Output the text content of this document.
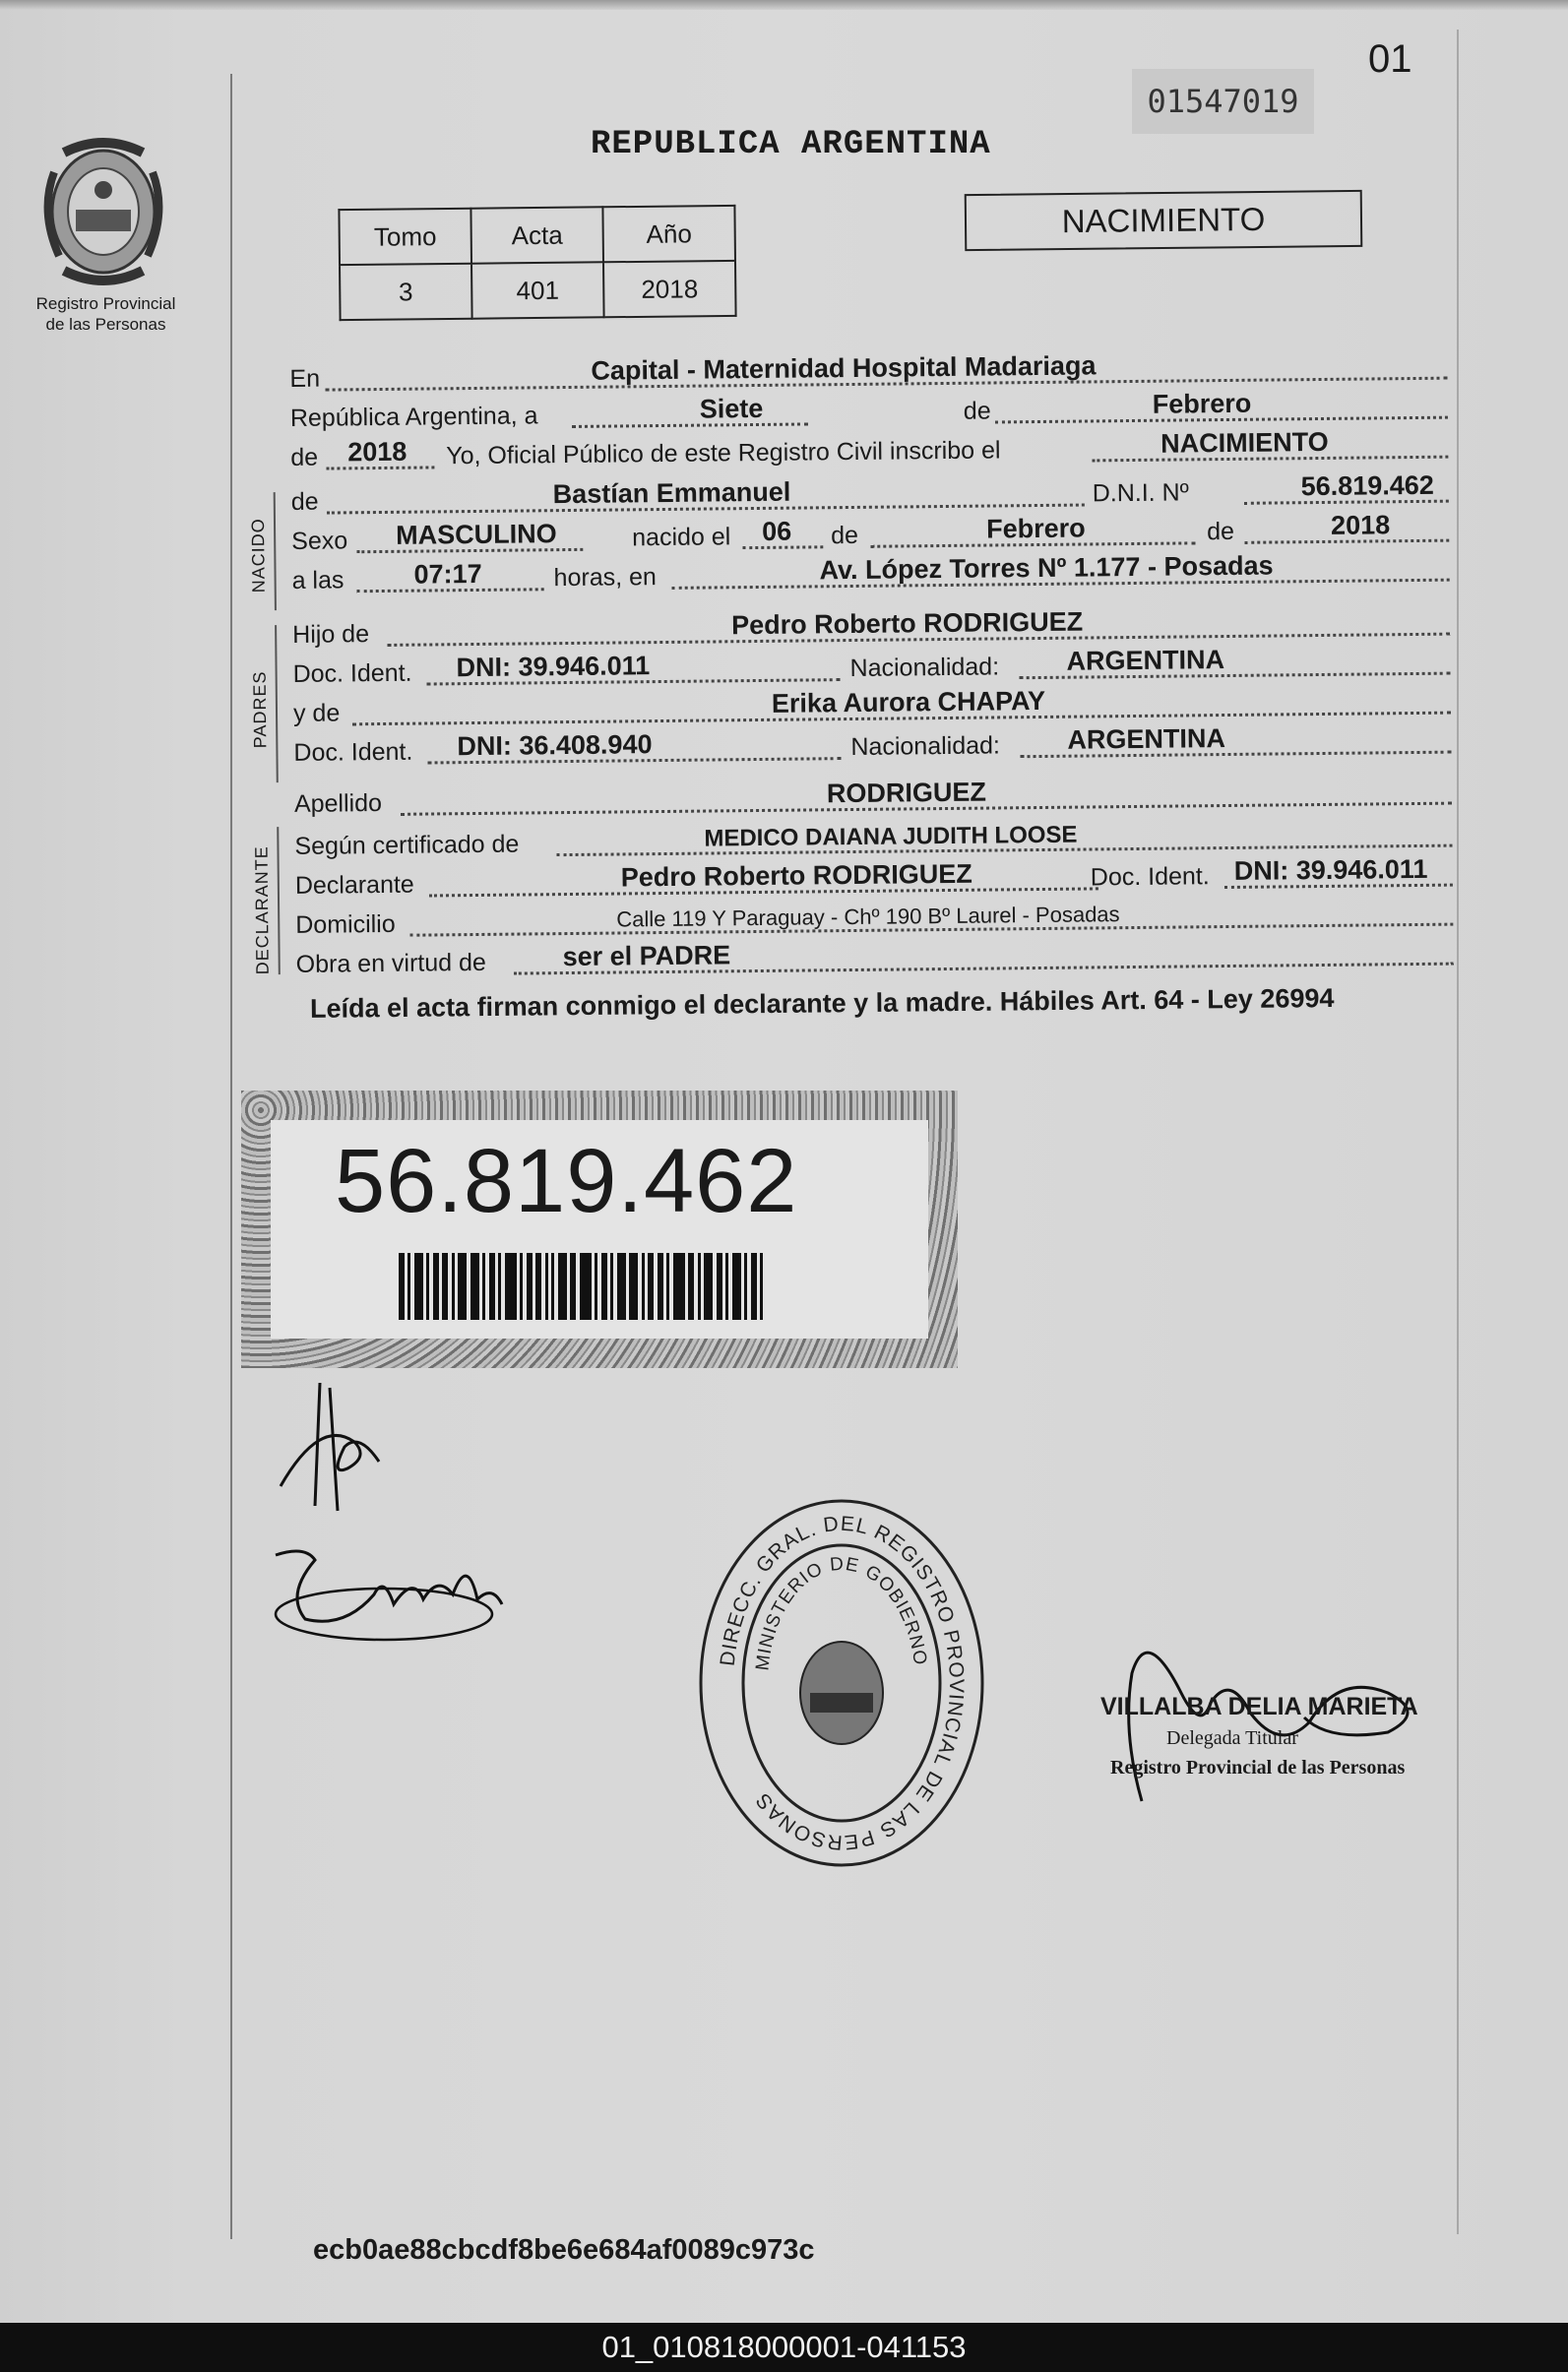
01
01547019
REPUBLICA ARGENTINA
Registro Provincial
de las Personas
Tomo	Acta	Año
3	401	2018
NACIMIENTO
En	Capital - Maternidad Hospital Madariaga
República Argentina, a	Siete	de	Febrero
de 2018 Yo, Oficial Público de este Registro Civil inscribo el	NACIMIENTO
NACIDO
de	Bastían Emmanuel	D.N.I. Nº	56.819.462
Sexo MASCULINO	nacido el 06 de	Febrero	de	2018
a las	07:17	horas, en	Av. López Torres Nº 1.177 - Posadas
PADRES
Hijo de	Pedro Roberto RODRIGUEZ
Doc. Ident. DNI: 39.946.011	Nacionalidad:	ARGENTINA
y de	Erika Aurora CHAPAY
Doc. Ident. DNI: 36.408.940	Nacionalidad:	ARGENTINA
Apellido	RODRIGUEZ
DECLARANTE
Según certificado de	MEDICO DAIANA JUDITH LOOSE
Declarante	Pedro Roberto RODRIGUEZ	Doc. Ident. DNI: 39.946.011
Domicilio	Calle 119 Y Paraguay - Chº 190 Bº Laurel - Posadas
Obra en virtud de	ser el PADRE
Leída el acta firman conmigo el declarante y la madre. Hábiles Art. 64 - Ley 26994
56.819.462
DIRECC. GRAL. DEL REGISTRO PROVINCIAL DE LAS PERSONAS
MINISTERIO DE GOBIERNO
VILLALBA DELIA MARIETA
Delegada Titular
Registro Provincial de las Personas
ecb0ae88cbcdf8be6e684af0089c973c
01_010818000001-041153
